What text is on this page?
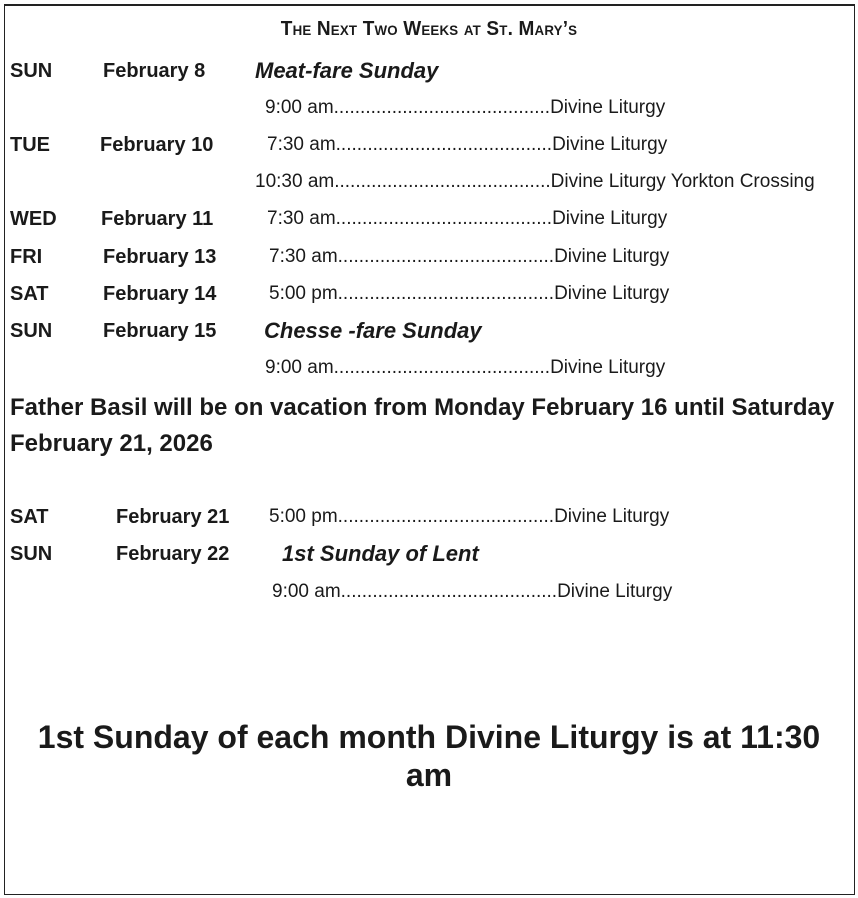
The Next Two Weeks at St. Mary’s
SUN	February 8 Meat-fare Sunday
9:00 am.........................................Divine Liturgy
TUE	February 10	7:30 am.........................................Divine Liturgy
10:30 am.........................................Divine Liturgy Yorkton Crossing
WED February 11	7:30 am.........................................Divine Liturgy
FRI	February 13	7:30 am.........................................Divine Liturgy
SAT	February 14	5:00 pm.........................................Divine Liturgy
SUN	February 15 Chesse -fare Sunday
9:00 am.........................................Divine Liturgy
Father Basil will be on vacation from Monday February 16 until Saturday February 21, 2026
SAT	February 21 5:00 pm.........................................Divine Liturgy
SUN	February 22 1st Sunday of Lent
9:00 am.........................................Divine Liturgy
1st Sunday of each month Divine Liturgy is at 11:30 am
